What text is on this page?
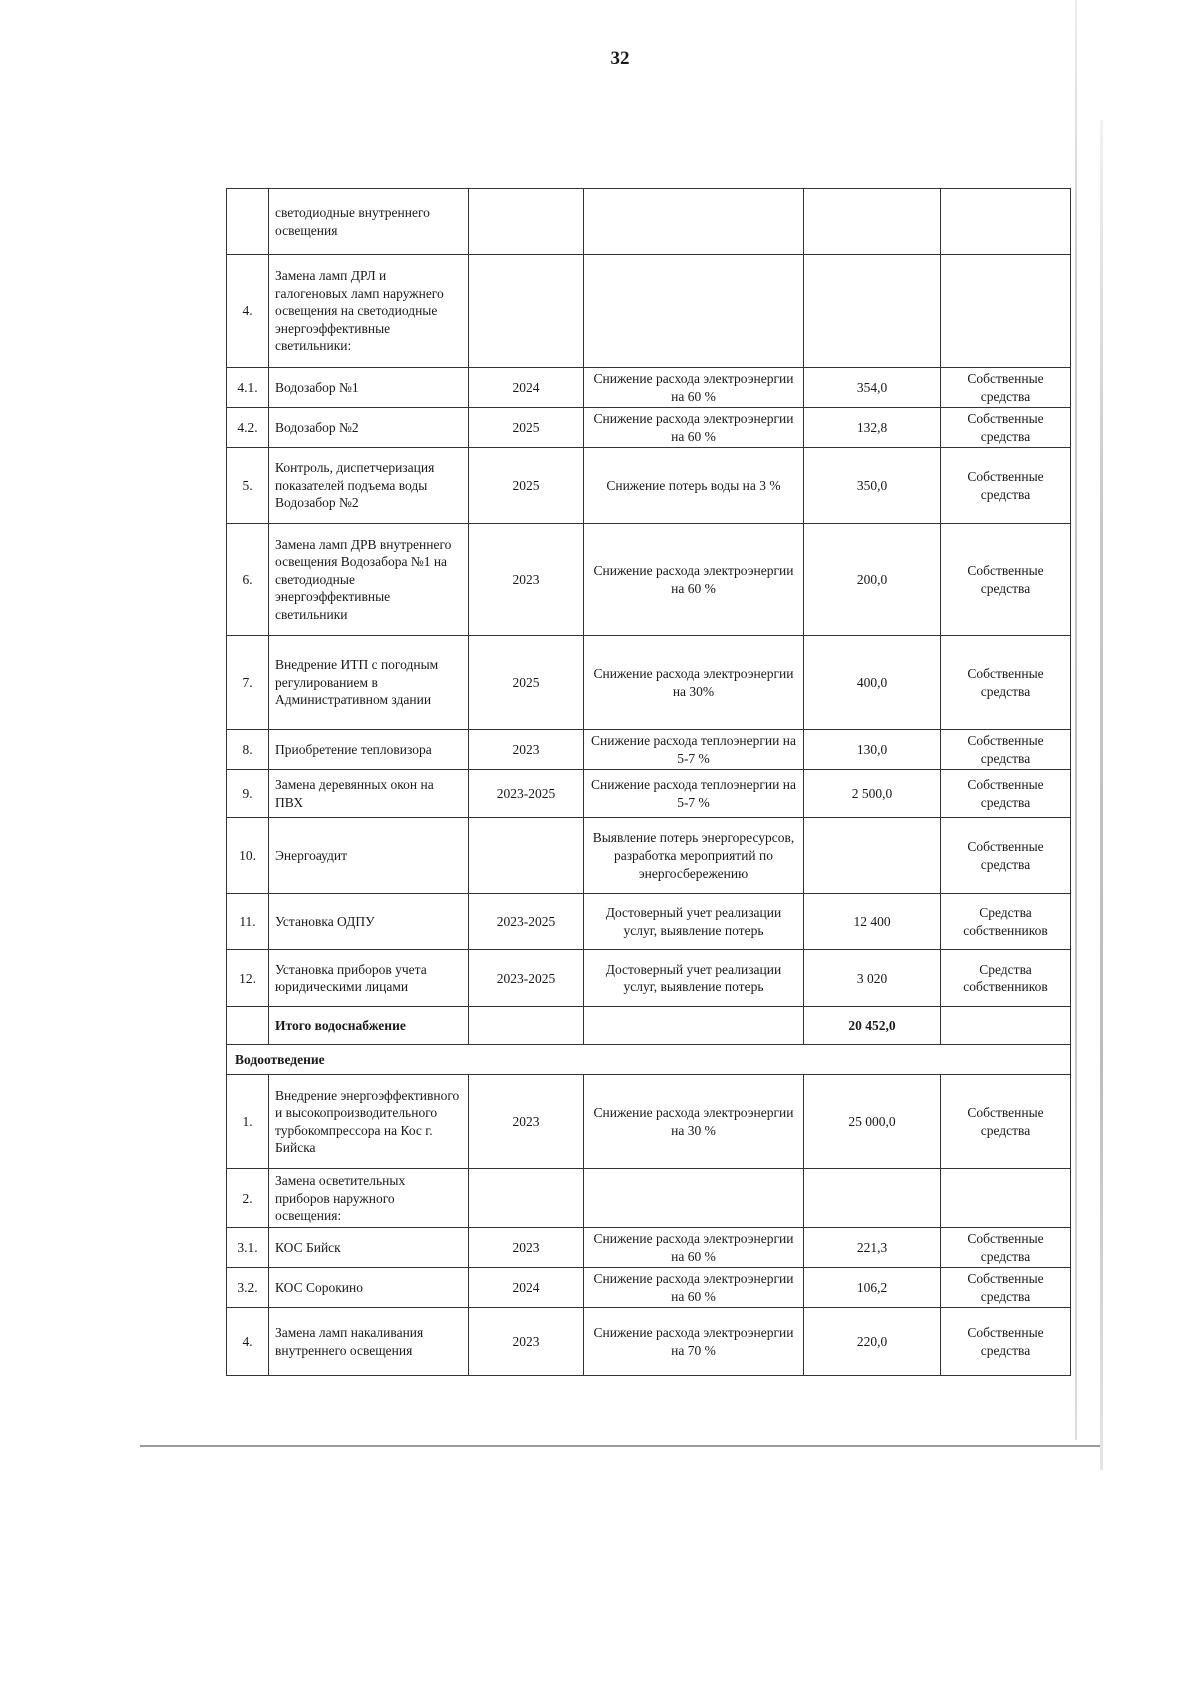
32
	светодиодные внутреннего освещения				
4.	Замена ламп ДРЛ и галогеновых ламп наружнего освещения на светодиодные энергоэффективные светильники:				
4.1.	Водозабор №1	2024	Снижение расхода электроэнергии на 60 %	354,0	Собственные средства
4.2.	Водозабор №2	2025	Снижение расхода электроэнергии на 60 %	132,8	Собственные средства
5.	Контроль, диспетчеризация показателей подъема воды Водозабор №2	2025	Снижение потерь воды на 3 %	350,0	Собственные средства
6.	Замена ламп ДРВ внутреннего освещения Водозабора №1 на светодиодные энергоэффективные светильники	2023	Снижение расхода электроэнергии на 60 %	200,0	Собственные средства
7.	Внедрение ИТП с погодным регулированием в Административном здании	2025	Снижение расхода электроэнергии на 30%	400,0	Собственные средства
8.	Приобретение тепловизора	2023	Снижение расхода теплоэнергии на 5-7 %	130,0	Собственные средства
9.	Замена деревянных окон на ПВХ	2023-2025	Снижение расхода теплоэнергии на 5-7 %	2 500,0	Собственные средства
10.	Энергоаудит		Выявление потерь энергоресурсов, разработка мероприятий по энергосбережению		Собственные средства
11.	Установка ОДПУ	2023-2025	Достоверный учет реализации услуг, выявление потерь	12 400	Средства собственников
12.	Установка приборов учета юридическими лицами	2023-2025	Достоверный учет реализации услуг, выявление потерь	3 020	Средства собственников
	Итого водоснабжение			20 452,0	
Водоотведение					
1.	Внедрение энергоэффективного и высокопроизводительного турбокомпрессора на Кос г. Бийска	2023	Снижение расхода электроэнергии на 30 %	25 000,0	Собственные средства
2.	Замена осветительных приборов наружного освещения:				
3.1.	КОС Бийск	2023	Снижение расхода электроэнергии на 60 %	221,3	Собственные средства
3.2.	КОС Сорокино	2024	Снижение расхода электроэнергии на 60 %	106,2	Собственные средства
4.	Замена ламп накаливания внутреннего освещения	2023	Снижение расхода электроэнергии на 70 %	220,0	Собственные средства
